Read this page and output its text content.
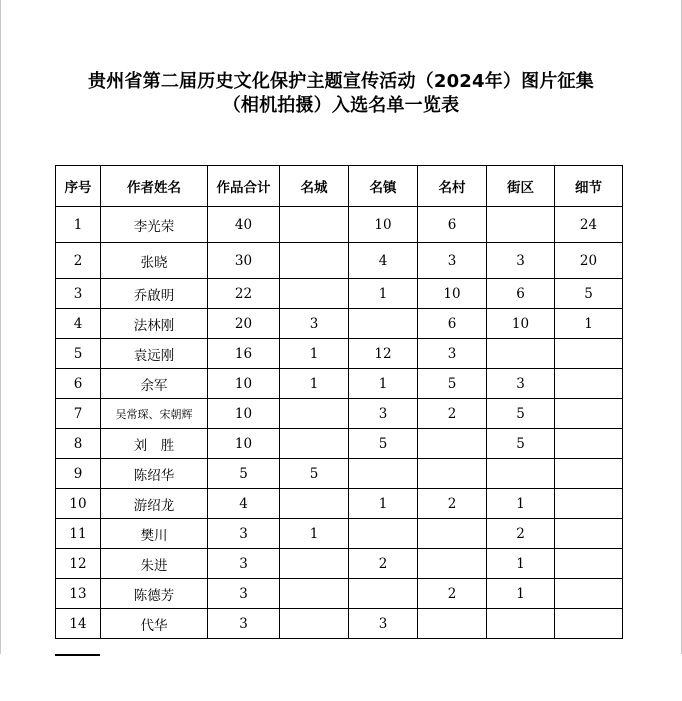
贵州省第二届历史文化保护主题宣传活动（2024年）图片征集
（相机拍摄）入选名单一览表
序号	作者姓名	作品合计	名城	名镇	名村	街区	细节
1	李光荣	40		10	6		24
2	张晓	30		4	3	3	20
3	乔啟明	22		1	10	6	5
4	法林刚	20	3		6	10	1
5	袁远刚	16	1	12	3		
6	余军	10	1	1	5	3	
7	吴常琛、宋朝辉	10		3	2	5	
8	刘　胜	10		5		5	
9	陈绍华	5	5				
10	游绍龙	4		1	2	1	
11	樊川	3	1			2	
12	朱进	3		2		1	
13	陈德芳	3			2	1	
14	代华	3		3			
